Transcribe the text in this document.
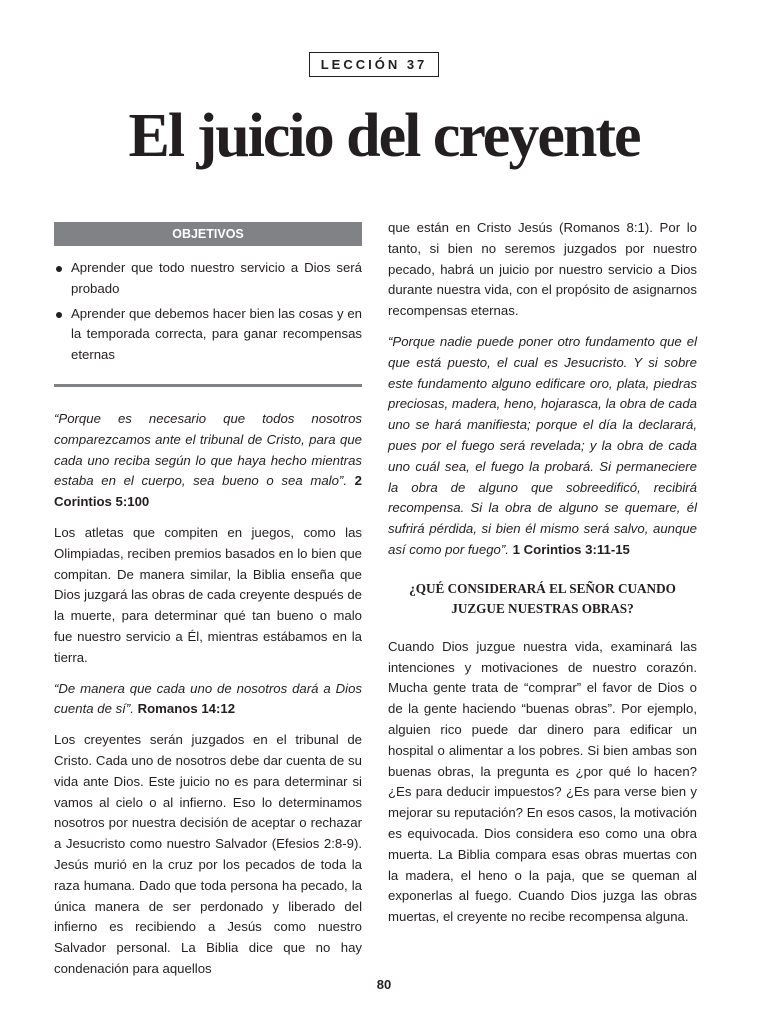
LECCIÓN 37
El juicio del creyente
OBJETIVOS
Aprender que todo nuestro servicio a Dios será probado
Aprender que debemos hacer bien las cosas y en la temporada correcta, para ganar recompensas eternas

“Porque es necesario que todos nosotros comparezcamos ante el tribunal de Cristo, para que cada uno reciba según lo que haya hecho mientras estaba en el cuerpo, sea bueno o sea malo”. 2 Corintios 5:100

Los atletas que compiten en juegos, como las Olimpiadas, reciben premios basados en lo bien que compitan. De manera similar, la Biblia enseña que Dios juzgará las obras de cada creyente después de la muerte, para determinar qué tan bueno o malo fue nuestro servicio a Él, mientras estábamos en la tierra.

“De manera que cada uno de nosotros dará a Dios cuenta de sí”. Romanos 14:12

Los creyentes serán juzgados en el tribunal de Cristo. Cada uno de nosotros debe dar cuenta de su vida ante Dios. Este juicio no es para determinar si vamos al cielo o al infierno. Eso lo determinamos nosotros por nuestra decisión de aceptar o rechazar a Jesucristo como nuestro Salvador (Efesios 2:8-9). Jesús murió en la cruz por los pecados de toda la raza humana. Dado que toda persona ha pecado, la única manera de ser perdonado y liberado del infierno es recibiendo a Jesús como nuestro Salvador personal. La Biblia dice que no hay condenación para aquellos

que están en Cristo Jesús (Romanos 8:1). Por lo tanto, si bien no seremos juzgados por nuestro pecado, habrá un juicio por nuestro servicio a Dios durante nuestra vida, con el propósito de asignarnos recompensas eternas.

“Porque nadie puede poner otro fundamento que el que está puesto, el cual es Jesucristo. Y si sobre este fundamento alguno edificare oro, plata, piedras preciosas, madera, heno, hojarasca, la obra de cada uno se hará manifiesta; porque el día la declarará, pues por el fuego será revelada; y la obra de cada uno cuál sea, el fuego la probará. Si permaneciere la obra de alguno que sobreedificó, recibirá recompensa. Si la obra de alguno se quemare, él sufrirá pérdida, si bien él mismo será salvo, aunque así como por fuego”. 1 Corintios 3:11-15

¿QUÉ CONSIDERARÁ EL SEÑOR CUANDO
JUZGUE NUESTRAS OBRAS?

Cuando Dios juzgue nuestra vida, examinará las intenciones y motivaciones de nuestro corazón. Mucha gente trata de “comprar” el favor de Dios o de la gente haciendo “buenas obras”. Por ejemplo, alguien rico puede dar dinero para edificar un hospital o alimentar a los pobres. Si bien ambas son buenas obras, la pregunta es ¿por qué lo hacen? ¿Es para deducir impuestos? ¿Es para verse bien y mejorar su reputación? En esos casos, la motivación es equivocada. Dios considera eso como una obra muerta. La Biblia compara esas obras muertas con la madera, el heno o la paja, que se queman al exponerlas al fuego. Cuando Dios juzga las obras muertas, el creyente no recibe recompensa alguna.

80
